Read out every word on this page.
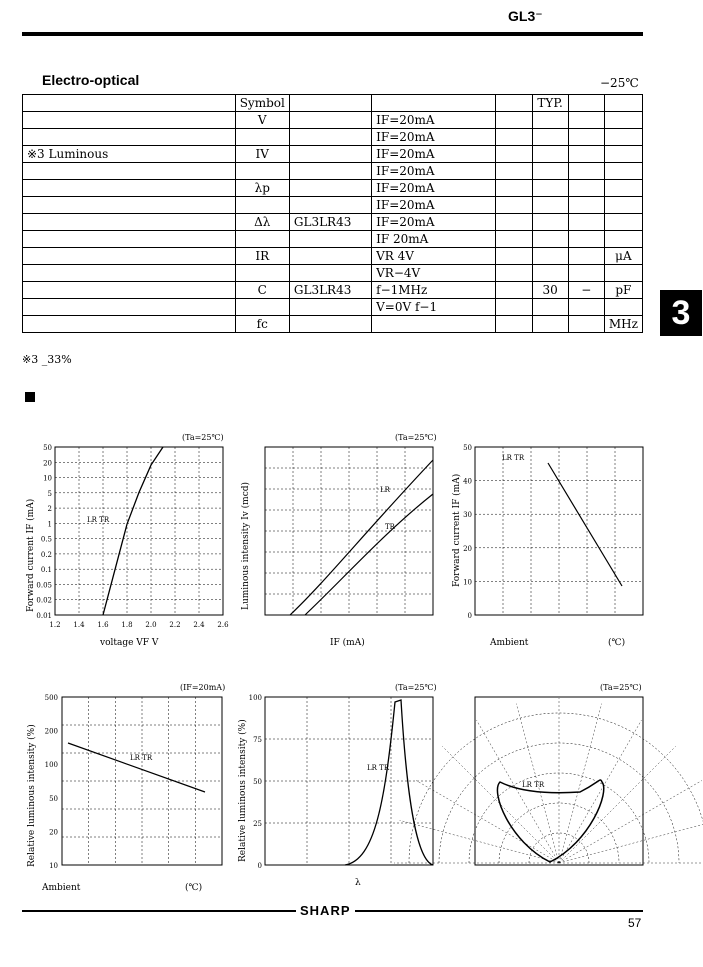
GL3⁻
Electro-optical	−25℃
	Symbol				TYP.		
	V		IF=20mA				
			IF=20mA				
※3 Luminous	IV		IF=20mA				
			IF=20mA				
	λp		IF=20mA				
			IF=20mA				
	Δλ	GL3LR43	IF=20mA				
			IF 20mA				
	IR		VR 4V				μA
			VR−4V				
	C	GL3LR43	f−1MHz		30	−	pF
			V=0V f−1				
	fc						MHz 3
※3 _33%
(Ta=25℃)
50
20
10
5
2
1
0.5
0.2
0.1
0.05
0.02
0.01
1.2 1.4 1.6 1.8 2.0 2.2 2.4 2.6
Forward current IF (mA)
voltage VF V
LR TR
(Ta=25℃)
Luminous intensity Iv (mcd)
IF (mA)
LR
TR
50
40
30
20
10
0
Forward current IF (mA)
Ambient	(℃)
LR TR
(IF=20mA)
500
200
100
50
20
10
Relative luminous intensity (%)
Ambient	(℃)
LR TR
(Ta=25℃)
100
75
50
25
0
Relative luminous intensity (%)
λ
LR TR
(Ta=25℃)
LR TR
SHARP
57
